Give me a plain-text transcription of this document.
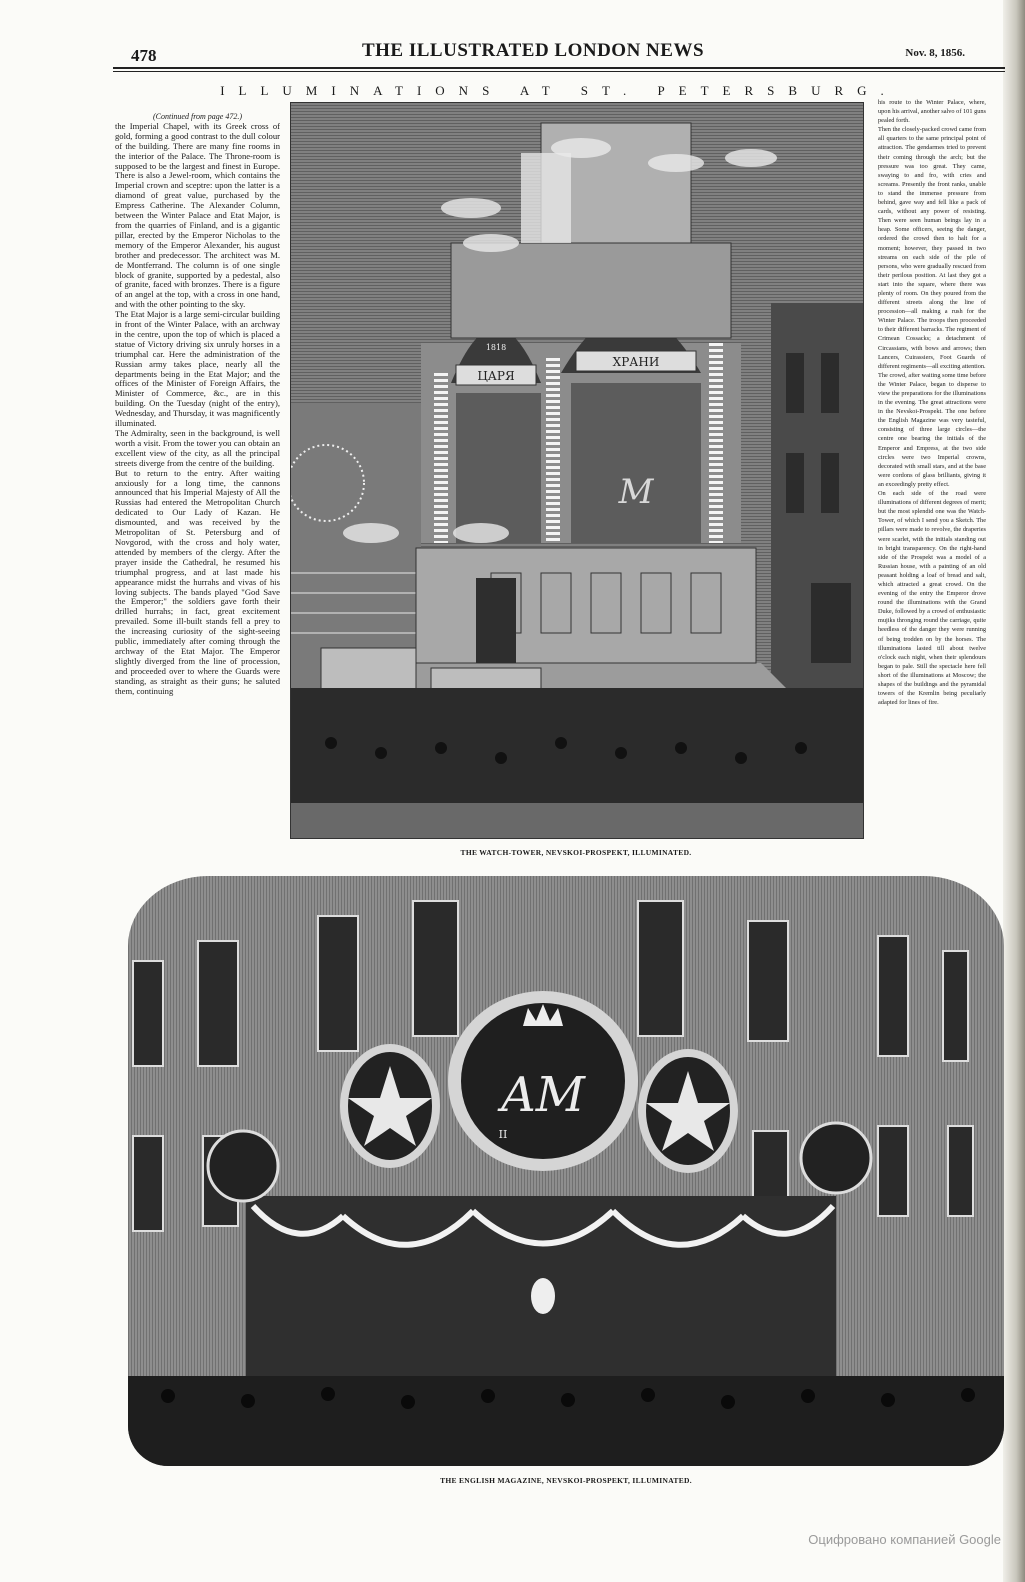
478	THE ILLUSTRATED LONDON NEWS	Nov. 8, 1856.
ILLUMINATIONS AT ST. PETERSBURG.
(Continued from page 472.)

the Imperial Chapel, with its Greek cross of gold, forming a good contrast to the dull colour of the building. There are many fine rooms in the interior of the Palace. The Throne-room is supposed to be the largest and finest in Europe. There is also a Jewel-room, which contains the Imperial crown and sceptre: upon the latter is a diamond of great value, purchased by the Empress Catherine. The Alexander Column, between the Winter Palace and Etat Major, is from the quarries of Finland, and is a gigantic pillar, erected by the Emperor Nicholas to the memory of the Emperor Alexander, his august brother and predecessor. The architect was M. de Montferrand. The column is of one single block of granite, supported by a pedestal, also of granite, faced with bronzes. There is a figure of an angel at the top, with a cross in one hand, and with the other pointing to the sky.

The Etat Major is a large semi-circular building in front of the Winter Palace, with an archway in the centre, upon the top of which is placed a statue of Victory driving six unruly horses in a triumphal car. Here the administration of the Russian army takes place, nearly all the departments being in the Etat Major; and the offices of the Minister of Foreign Affairs, the Minister of Commerce, &c., are in this building. On the Tuesday (night of the entry), Wednesday, and Thursday, it was magnificently illuminated.

The Admiralty, seen in the background, is well worth a visit. From the tower you can obtain an excellent view of the city, as all the principal streets diverge from the centre of the building.

But to return to the entry. After waiting anxiously for a long time, the cannons announced that his Imperial Majesty of All the Russias had entered the Metropolitan Church dedicated to Our Lady of Kazan. He dismounted, and was received by the Metropolitan of St. Petersburg and of Novgorod, with the cross and holy water, attended by members of the clergy. After the prayer inside the Cathedral, he resumed his triumphal progress, and at last made his appearance midst the hurrahs and vivas of his loving subjects. The bands played "God Save the Emperor;" the soldiers gave forth their drilled hurrahs; in fact, great excitement prevailed. Some ill-built stands fell a prey to the increasing curiosity of the sight-seeing public, immediately after coming through the archway of the Etat Major. The Emperor slightly diverged from the line of procession, and proceeded over to where the Guards were standing, as straight as their guns; he saluted them, continuing

his route to the Winter Palace, where, upon his arrival, another salvo of 101 guns pealed forth.

Then the closely-packed crowd came from all quarters to the same principal point of attraction. The gendarmes tried to prevent their coming through the arch; but the pressure was too great. They came, swaying to and fro, with cries and screams. Presently the front ranks, unable to stand the immense pressure from behind, gave way and fell like a pack of cards, without any power of resisting. Then were seen human beings lay in a heap. Some officers, seeing the danger, ordered the crowd then to halt for a moment; however, they passed in two streams on each side of the pile of persons, who were gradually rescued from their perilous position. At last they got a start into the square, where there was plenty of room. On they poured from the different streets along the line of procession—all making a rush for the Winter Palace. The troops then proceeded to their different barracks. The regiment of Crimean Cossacks; a detachment of Circassians, with bows and arrows; then Lancers, Cuirassiers, Foot Guards of different regiments—all exciting attention.

The crowd, after waiting some time before the Winter Palace, began to disperse to view the preparations for the illuminations in the evening. The great attractions were in the Nevskoi-Prospekt. The one before the English Magazine was very tasteful, consisting of three large circles—the centre one bearing the initials of the Emperor and Empress, at the two side circles were two Imperial crowns, decorated with small stars, and at the base were cordons of glass brilliants, giving it an exceedingly pretty effect.

On each side of the road were illuminations of different degrees of merit; but the most splendid one was the Watch-Tower, of which I send you a Sketch. The pillars were made to revolve, the draperies were scarlet, with the initials standing out in bright transparency. On the right-hand side of the Prospekt was a model of a Russian house, with a painting of an old peasant holding a loaf of bread and salt, which attracted a great crowd. On the evening of the entry the Emperor drove round the illuminations with the Grand Duke, followed by a crowd of enthusiastic mujiks thronging round the carriage, quite heedless of the danger they were running of being trodden on by the horses. The illuminations lasted till about twelve o'clock each night, when their splendours began to pale. Still the spectacle here fell short of the illuminations at Moscow; the shapes of the buildings and the pyramidal towers of the Kremlin being peculiarly adapted for lines of fire.

ЦАРЯ
ХРАНИ
1818
M
THE WATCH-TOWER, NEVSKOI-PROSPEKT, ILLUMINATED.
AM
II
THE ENGLISH MAGAZINE, NEVSKOI-PROSPEKT, ILLUMINATED.
Оцифровано компанией Google
